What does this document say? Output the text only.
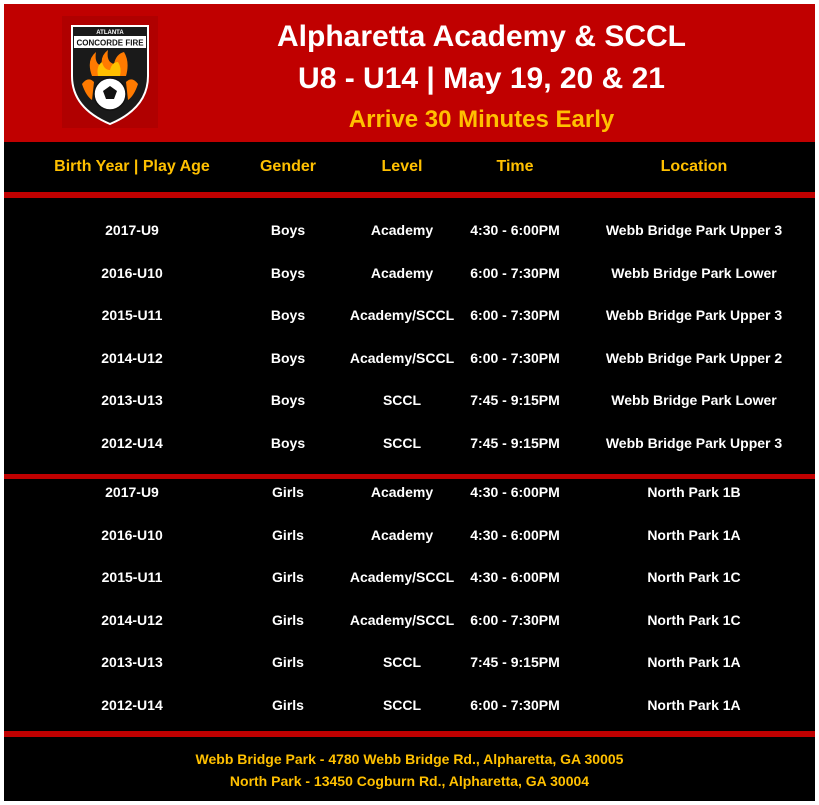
ATLANTA
CONCORDE FIRE	Alpharetta Academy & SCCL
U8 - U14 | May 19, 20 & 21
Arrive 30 Minutes Early
Birth Year | Play Age	Gender	Level	Time	Location
2017-U9	Boys	Academy	4:30 - 6:00PM	Webb Bridge Park Upper 3
2016-U10	Boys	Academy	6:00 - 7:30PM	Webb Bridge Park Lower
2015-U11	Boys	Academy/SCCL	6:00 - 7:30PM	Webb Bridge Park Upper 3
2014-U12	Boys	Academy/SCCL	6:00 - 7:30PM	Webb Bridge Park Upper 2
2013-U13	Boys	SCCL	7:45 - 9:15PM	Webb Bridge Park Lower
2012-U14	Boys	SCCL	7:45 - 9:15PM	Webb Bridge Park Upper 3
2017-U9	Girls	Academy	4:30 - 6:00PM	North Park 1B
2016-U10	Girls	Academy	4:30 - 6:00PM	North Park 1A
2015-U11	Girls	Academy/SCCL	4:30 - 6:00PM	North Park 1C
2014-U12	Girls	Academy/SCCL	6:00 - 7:30PM	North Park 1C
2013-U13	Girls	SCCL	7:45 - 9:15PM	North Park 1A
2012-U14	Girls	SCCL	6:00 - 7:30PM	North Park 1A
Webb Bridge Park - 4780 Webb Bridge Rd., Alpharetta, GA 30005
North Park - 13450 Cogburn Rd., Alpharetta, GA 30004
